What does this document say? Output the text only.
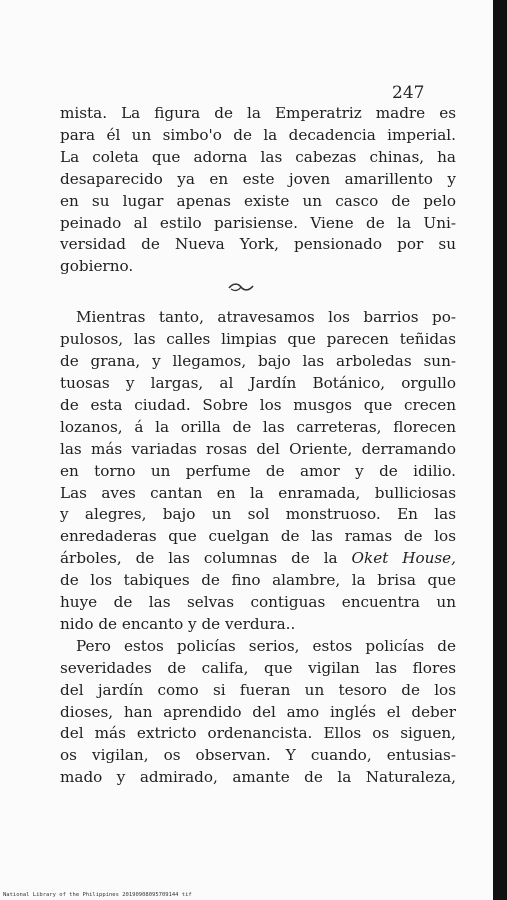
247

mista. La figura de la Emperatriz madre es
para él un simbo'o de la decadencia imperial.
La coleta que adorna las cabezas chinas, ha
desaparecido ya en este joven amarillento y
en su lugar apenas existe un casco de pelo
peinado al estilo parisiense. Viene de la Uni-
versidad de Nueva York, pensionado por su
gobierno.

Mientras tanto, atravesamos los barrios po-
pulosos, las calles limpias que parecen teñidas
de grana, y llegamos, bajo las arboledas sun-
tuosas y largas, al Jardín Botánico, orgullo
de esta ciudad. Sobre los musgos que crecen
lozanos, á la orilla de las carreteras, florecen
las más variadas rosas del Oriente, derramando
en torno un perfume de amor y de idilio.
Las aves cantan en la enramada, bulliciosas
y alegres, bajo un sol monstruoso. En las
enredaderas que cuelgan de las ramas de los
árboles, de las columnas de la Oket House,
de los tabiques de fino alambre, la brisa que
huye de las selvas contiguas encuentra un
nido de encanto y de verdura..

Pero estos policías serios, estos policías de
severidades de califa, que vigilan las flores
del jardín como si fueran un tesoro de los
dioses, han aprendido del amo inglés el deber
del más extricto ordenancista. Ellos os siguen,
os vigilan, os observan. Y cuando, entusias-
mado y admirado, amante de la Naturaleza,

National Library of the Philippines 20190908095709144 tif
